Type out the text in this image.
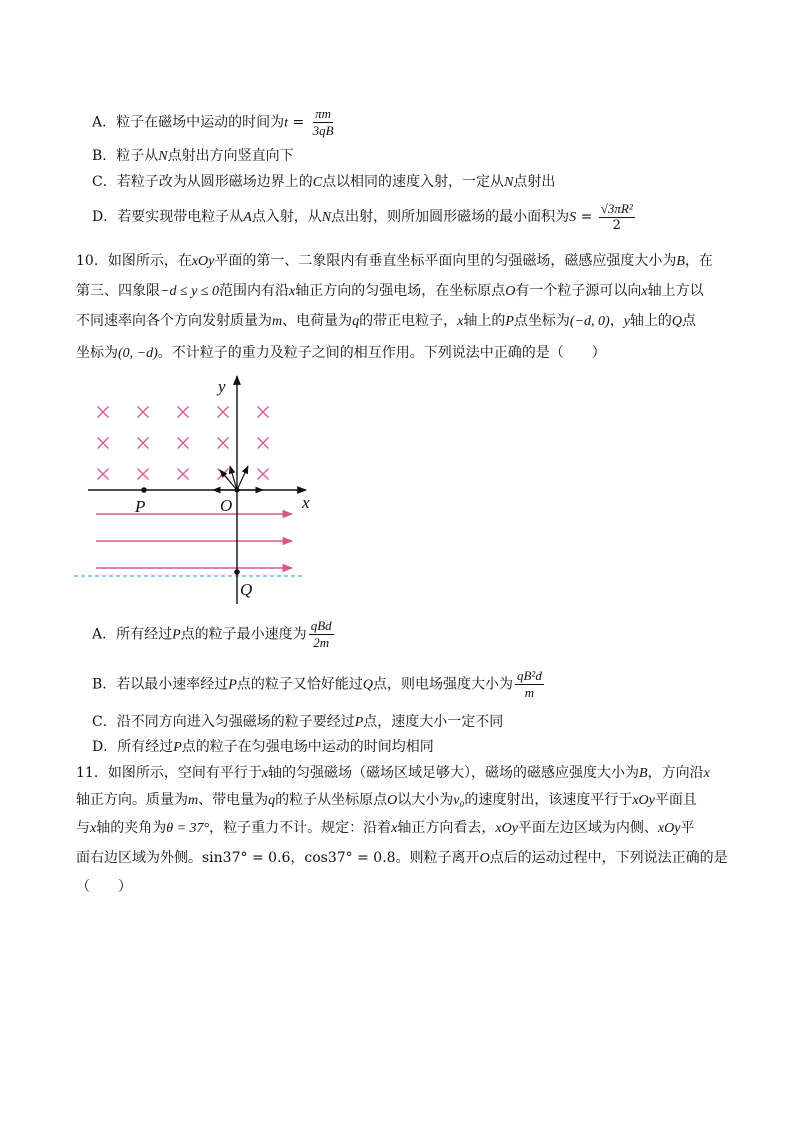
A．粒子在磁场中运动的时间为$t = \frac{\pi m}{3qB}$
B．粒子从N点射出方向竖直向下
C．若粒子改为从圆形磁场边界上的C点以相同的速度入射，一定从N点射出
D．若要实现带电粒子从A点入射，从N点出射，则所加圆形磁场的最小面积为$S = \frac{\text{√3πR²}}{2}$
10．如图所示，在xOy平面的第一、二象限内有垂直坐标平面向里的匀强磁场，磁感应强度大小为B，在
第三、四象限−d ≤ y ≤ 0范围内有沿x轴正方向的匀强电场，在坐标原点O有一个粒子源可以向x轴上方以
不同速率向各个方向发射质量为m、电荷量为q的带正电粒子，x轴上的P点坐标为(−d, 0)，y轴上的Q点
坐标为(0, −d)。不计粒子的重力及粒子之间的相互作用。下列说法中正确的是（　　）
y
x
O
P
Q
A．所有经过P点的粒子最小速度为 $\frac{\text{qBd}}{2m}$
B．若以最小速率经过P点的粒子又恰好能过Q点，则电场强度大小为 $\frac{\text{qB²d}}{m}$
C．沿不同方向进入匀强磁场的粒子要经过P点，速度大小一定不同
D．所有经过P点的粒子在匀强电场中运动的时间均相同
11．如图所示，空间有平行于x轴的匀强磁场（磁场区域足够大），磁场的磁感应强度大小为B，方向沿x
轴正方向。质量为m、带电量为q的粒子从坐标原点O以大小为v₀的速度射出，该速度平行于xOy平面且
与x轴的夹角为θ = 37°，粒子重力不计。规定：沿着x轴正方向看去，xOy平面左边区域为内侧、xOy平
面右边区域为外侧。sin37° = 0.6，cos37° = 0.8。则粒子离开O点后的运动过程中，下列说法正确的是
（　　）
